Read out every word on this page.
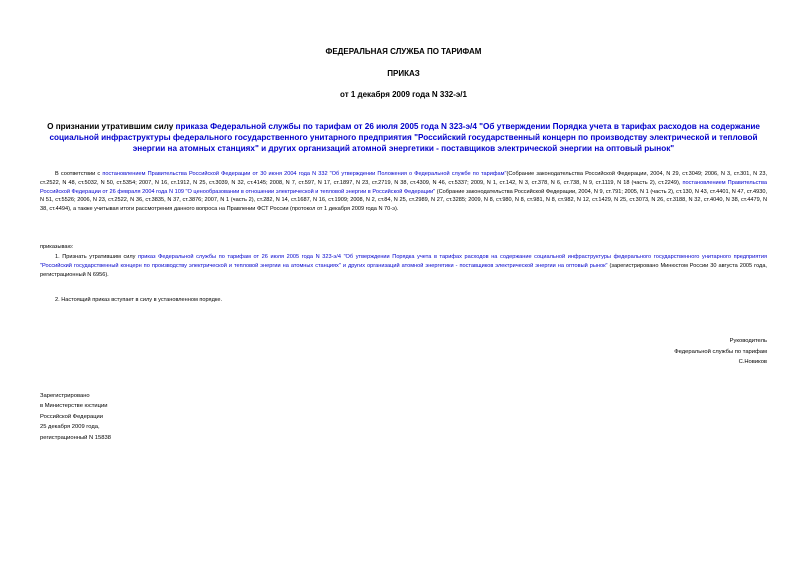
ФЕДЕРАЛЬНАЯ СЛУЖБА ПО ТАРИФАМ
ПРИКАЗ
от 1 декабря 2009 года N 332-э/1
О признании утратившим силу приказа Федеральной службы по тарифам от 26 июля 2005 года N 323-э/4 "Об утверждении Порядка учета в тарифах расходов на содержание социальной инфраструктуры федерального государственного унитарного предприятия "Российский государственный концерн по производству электрической и тепловой энергии на атомных станциях" и других организаций атомной энергетики - поставщиков электрической энергии на оптовый рынок"
В соответствии с постановлением Правительства Российской Федерации от 30 июня 2004 года N 332 "Об утверждении Положения о Федеральной службе по тарифам"(Собрание законодательства Российской Федерации, 2004, N 29, ст.3049; 2006, N 3, ст.301, N 23, ст.2522, N 48, ст.5032, N 50, ст.5354; 2007, N 16, ст.1912, N 25, ст.3039, N 32, ст.4145; 2008, N 7, ст.597, N 17, ст.1897, N 23, ст.2719, N 38, ст.4309, N 46, ст.5337; 2009, N 1, ст.142, N 3, ст.378, N 6, ст.738, N 9, ст.1119, N 18 (часть 2), ст.2249), постановлением Правительства Российской Федерации от 26 февраля 2004 года N 109 "О ценообразовании в отношении электрической и тепловой энергии в Российской Федерации" (Собрание законодательства Российской Федерации, 2004, N 9, ст.791; 2005, N 1 (часть 2), ст.130, N 43, ст.4401, N 47, ст.4930, N 51, ст.5526; 2006, N 23, ст.2522, N 36, ст.3835, N 37, ст.3876; 2007, N 1 (часть 2), ст.282, N 14, ст.1687, N 16, ст.1909; 2008, N 2, ст.84, N 25, ст.2989, N 27, ст.3285; 2009, N 8, ст.980, N 8, ст.981, N 8, ст.982, N 12, ст.1429, N 25, ст.3073, N 26, ст.3188, N 32, ст.4040, N 38, ст.4479, N 38, ст.4494), а также учитывая итоги рассмотрения данного вопроса на Правлении ФСТ России (протокол от 1 декабря 2009 года N 70-э).
приказываю:
1. Признать утратившим силу приказ Федеральной службы по тарифам от 26 июля 2005 года N 323-э/4 "Об утверждении Порядка учета в тарифах расходов на содержание социальной инфраструктуры федерального государственного унитарного предприятия "Российский государственный концерн по производству электрической и тепловой энергии на атомных станциях" и других организаций атомной энергетики - поставщиков электрической энергии на оптовый рынок" (зарегистрировано Минюстом России 30 августа 2005 года, регистрационный N 6956).
2. Настоящий приказ вступает в силу в установленном порядке.
Руководитель
Федеральной службы по тарифам
С.Новиков
Зарегистрировано
в Министерстве юстиции
Российской Федерации
25 декабря 2009 года,
регистрационный N 15838
